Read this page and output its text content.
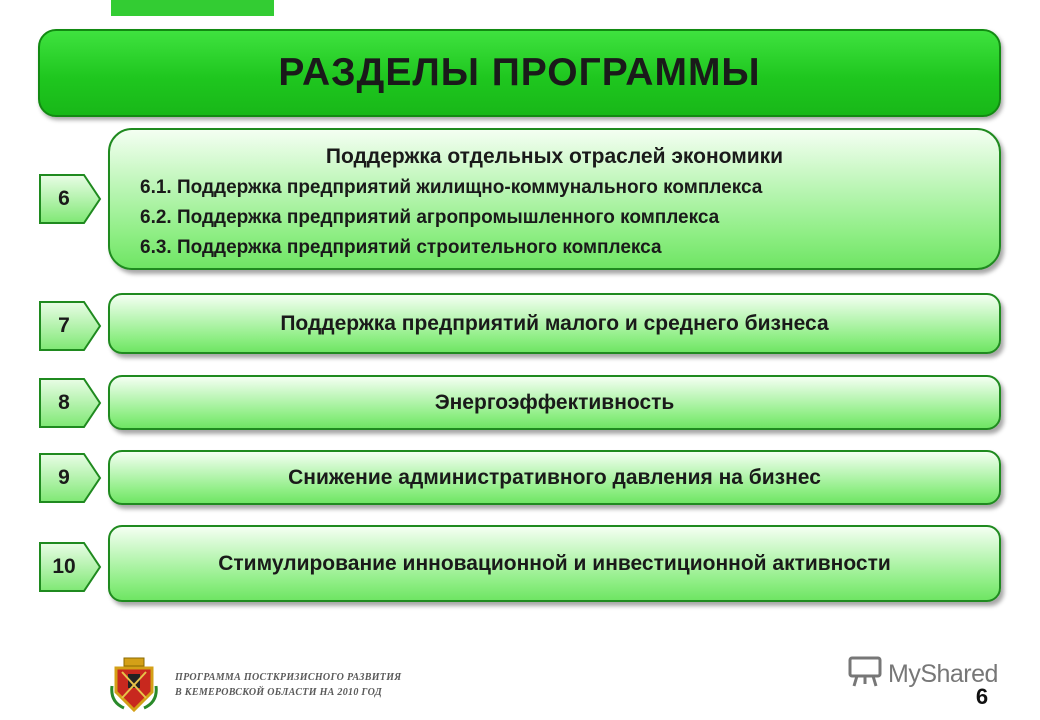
РАЗДЕЛЫ ПРОГРАММЫ
6
Поддержка отдельных отраслей экономики
6.1. Поддержка предприятий жилищно-коммунального комплекса
6.2. Поддержка предприятий агропромышленного комплекса
6.3. Поддержка предприятий строительного комплекса
7	Поддержка предприятий малого и среднего бизнеса
8	Энергоэффективность
9	Снижение административного давления на бизнес
10	Стимулирование инновационной и инвестиционной активности
ПРОГРАММА ПОСТКРИЗИСНОГО РАЗВИТИЯ
В КЕМЕРОВСКОЙ ОБЛАСТИ НА 2010 ГОД
MyShared
6
